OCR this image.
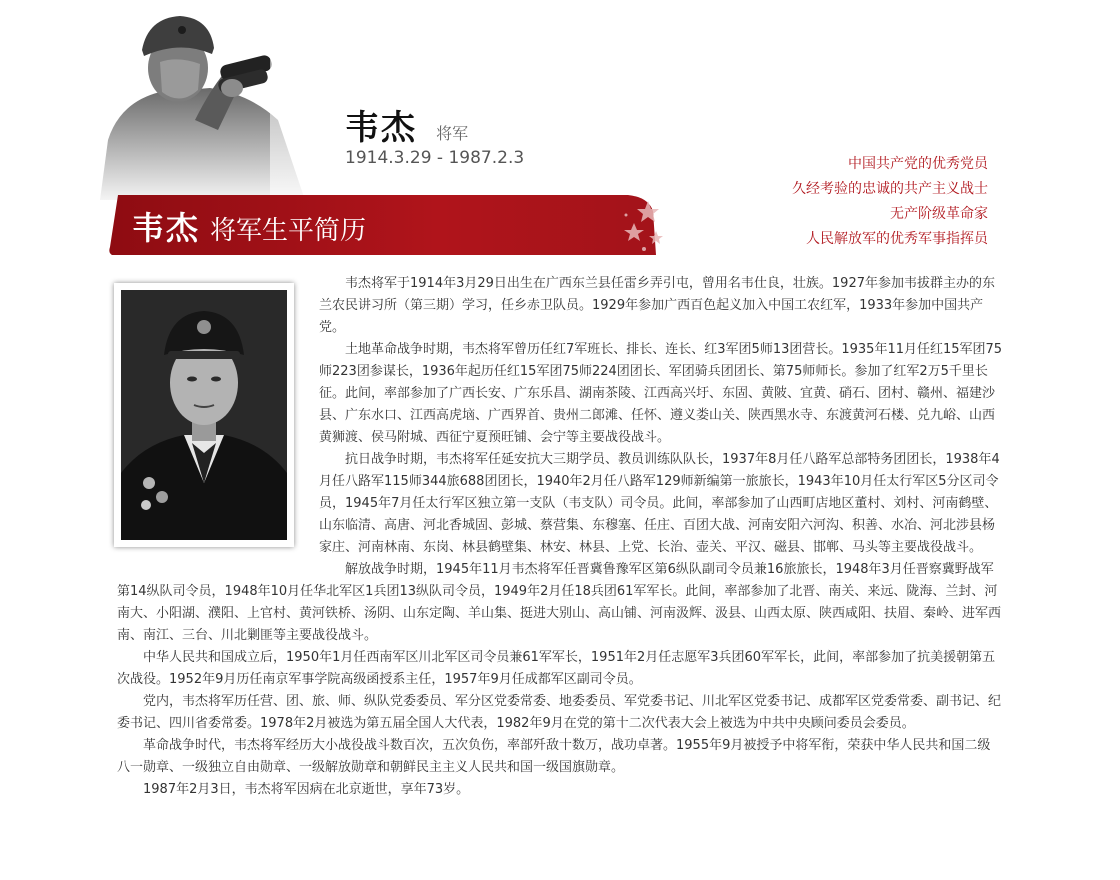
韦杰 将军
1914.3.29 - 1987.2.3	中国共产党的优秀党员
久经考验的忠诚的共产主义战士
无产阶级革命家
人民解放军的优秀军事指挥员
韦杰 将军生平简历

韦杰将军于1914年3月29日出生在广西东兰县任雷乡弄引屯，曾用名韦仕良，壮族。1927年参加韦拔群主办的东兰农民讲习所（第三期）学习，任乡赤卫队员。1929年参加广西百色起义加入中国工农红军，1933年参加中国共产党。

土地革命战争时期，韦杰将军曾历任红7军班长、排长、连长、红3军团5师13团营长。1935年11月任红15军团75师223团参谋长，1936年起历任红15军团75师224团团长、军团骑兵团团长、第75师师长。参加了红军2万5千里长征。此间，率部参加了广西长安、广东乐昌、湖南茶陵、江西高兴圩、东固、黄陂、宜黄、硝石、团村、赣州、福建沙县、广东水口、江西高虎垴、广西界首、贵州二郎滩、任怀、遵义娄山关、陕西黑水寺、东渡黄河石楼、兑九峪、山西黄狮渡、侯马附城、西征宁夏预旺铺、会宁等主要战役战斗。

抗日战争时期，韦杰将军任延安抗大三期学员、教员训练队队长，1937年8月任八路军总部特务团团长，1938年4月任八路军115师344旅688团团长，1940年2月任八路军129师新编第一旅旅长，1943年10月任太行军区5分区司令员，1945年7月任太行军区独立第一支队（韦支队）司令员。此间，率部参加了山西町店地区董村、刘村、河南鹤壁、山东临清、高唐、河北香城固、彭城、蔡营集、东穆塞、任庄、百团大战、河南安阳六河沟、积善、水冶、河北涉县杨家庄、河南林南、东岗、林县鹤壁集、林安、林县、上党、长治、壶关、平汉、磁县、邯郸、马头等主要战役战斗。

解放战争时期，1945年11月韦杰将军任晋冀鲁豫军区第6纵队副司令员兼16旅旅长，1948年3月任晋察冀野战军第14纵队司令员，1948年10月任华北军区1兵团13纵队司令员，1949年2月任18兵团61军军长。此间，率部参加了北晋、南关、来远、陇海、兰封、河南大、小阳湖、濮阳、上官村、黄河铁桥、汤阴、山东定陶、羊山集、挺进大别山、高山铺、河南汲辉、汲县、山西太原、陕西咸阳、扶眉、秦岭、进军西南、南江、三台、川北剿匪等主要战役战斗。

中华人民共和国成立后，1950年1月任西南军区川北军区司令员兼61军军长，1951年2月任志愿军3兵团60军军长，此间，率部参加了抗美援朝第五次战役。1952年9月历任南京军事学院高级函授系主任，1957年9月任成都军区副司令员。

党内，韦杰将军历任营、团、旅、师、纵队党委委员、军分区党委常委、地委委员、军党委书记、川北军区党委书记、成都军区党委常委、副书记、纪委书记、四川省委常委。1978年2月被选为第五届全国人大代表，1982年9月在党的第十二次代表大会上被选为中共中央顾问委员会委员。

革命战争时代，韦杰将军经历大小战役战斗数百次，五次负伤，率部歼敌十数万，战功卓著。1955年9月被授予中将军衔，荣获中华人民共和国二级八一勋章、一级独立自由勋章、一级解放勋章和朝鲜民主主义人民共和国一级国旗勋章。

1987年2月3日，韦杰将军因病在北京逝世，享年73岁。
